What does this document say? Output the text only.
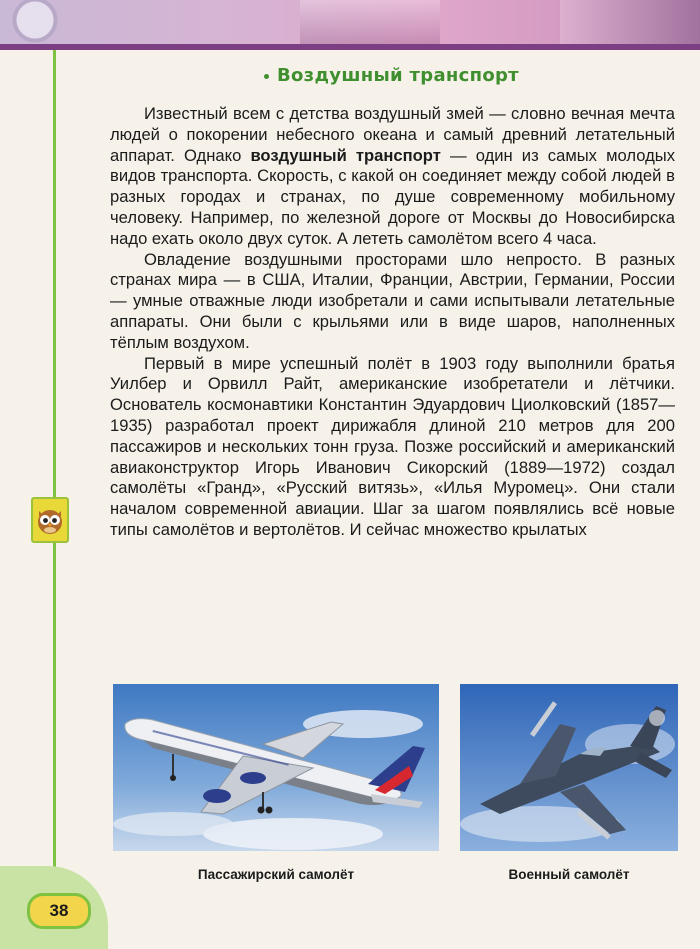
Воздушный транспорт

Известный всем с детства воздушный змей — словно вечная мечта людей о покорении небесного океана и самый древний летательный аппарат. Однако воздушный транспорт — один из самых молодых видов транспорта. Скорость, с какой он соединяет между собой людей в разных городах и странах, по душе современному мобильному человеку. Например, по железной дороге от Москвы до Новосибирска надо ехать около двух суток. А лететь самолётом всего 4 часа.

Овладение воздушными просторами шло непросто. В разных странах мира — в США, Италии, Франции, Австрии, Германии, России — умные отважные люди изобретали и сами испытывали летательные аппараты. Они были с крыльями или в виде шаров, наполненных тёплым воздухом.

Первый в мире успешный полёт в 1903 году выполнили братья Уилбер и Орвилл Райт, американские изобретатели и лётчики. Основатель космонавтики Константин Эдуардович Циолковский (1857—1935) разработал проект дирижабля длиной 210 метров для 200 пассажиров и нескольких тонн груза. Позже российский и американский авиаконструктор Игорь Иванович Сикорский (1889—1972) создал самолёты «Гранд», «Русский витязь», «Илья Муромец». Они стали началом современной авиации. Шаг за шагом появлялись всё новые типы самолётов и вертолётов. И сейчас множество крылатых

Пассажирский самолёт	Военный самолёт
38
